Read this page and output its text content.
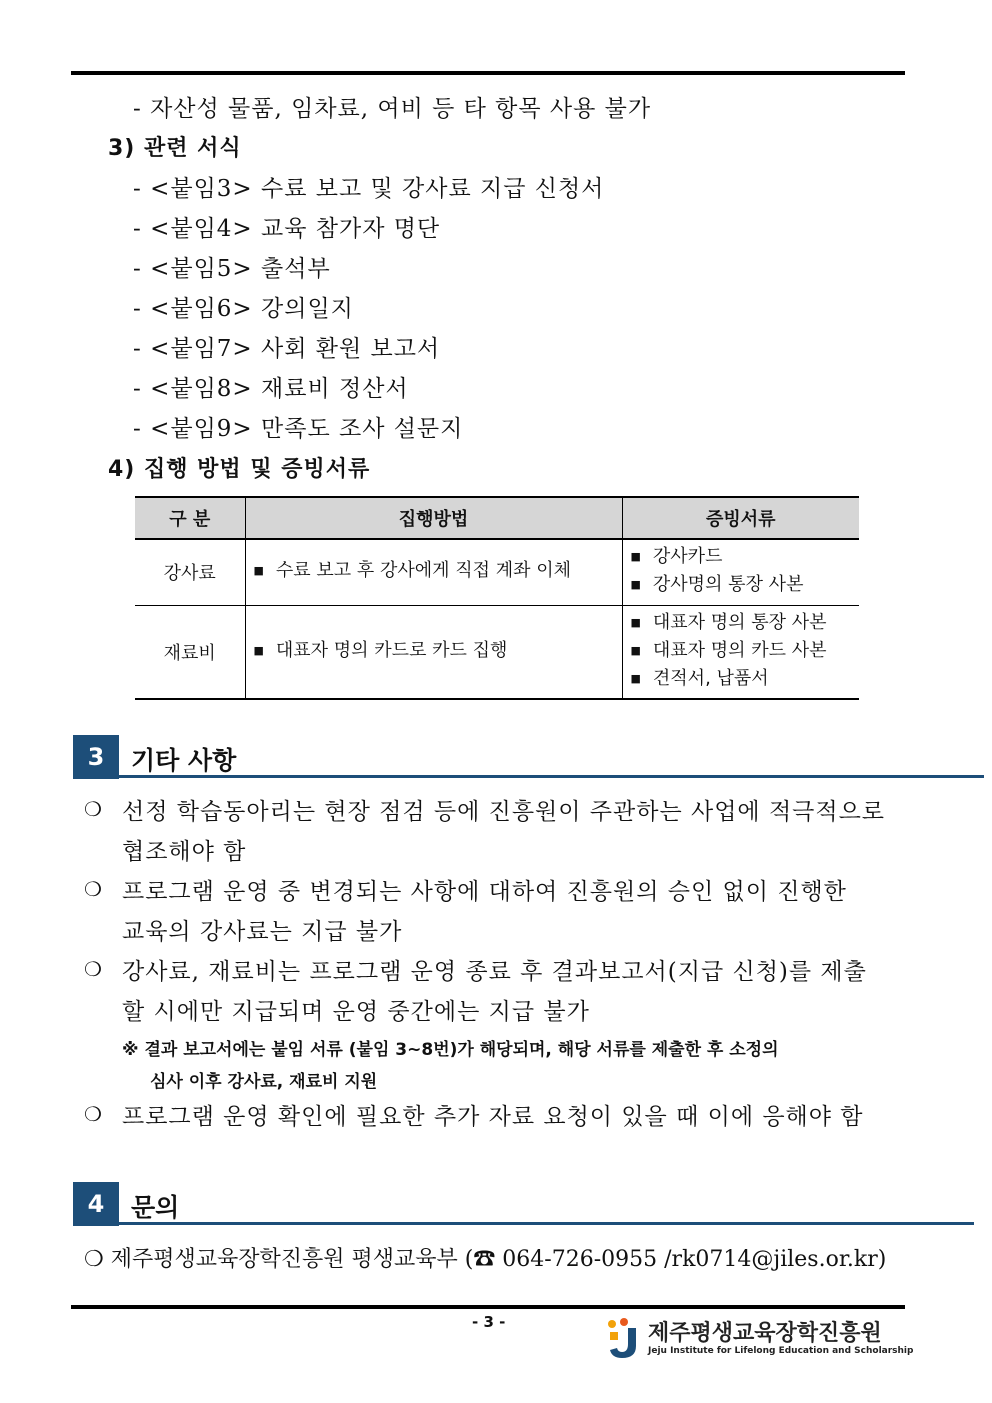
- 자산성 물품, 임차료, 여비 등 타 항목 사용 불가
3) 관련 서식
- <붙임3> 수료 보고 및 강사료 지급 신청서
- <붙임4> 교육 참가자 명단
- <붙임5> 출석부
- <붙임6> 강의일지
- <붙임7> 사회 환원 보고서
- <붙임8> 재료비 정산서
- <붙임9> 만족도 조사 설문지
4) 집행 방법 및 증빙서류
구 분	집행방법	증빙서류
강사료	■ 수료 보고 후 강사에게 직접 계좌 이체	■ 강사카드
■ 강사명의 통장 사본

재료비	■ 대표자 명의 카드로 카드 집행	■ 대표자 명의 통장 사본
■ 대표자 명의 카드 사본
■ 견적서, 납품서
3	기타 사항
❍ 선정 학습동아리는 현장 점검 등에 진흥원이 주관하는 사업에 적극적으로
협조해야 함
❍ 프로그램 운영 중 변경되는 사항에 대하여 진흥원의 승인 없이 진행한
교육의 강사료는 지급 불가
❍ 강사료, 재료비는 프로그램 운영 종료 후 결과보고서(지급 신청)를 제출
할 시에만 지급되며 운영 중간에는 지급 불가
※ 결과 보고서에는 붙임 서류 (붙임 3~8번)가 해당되며, 해당 서류를 제출한 후 소정의
심사 이후 강사료, 재료비 지원
❍ 프로그램 운영 확인에 필요한 추가 자료 요청이 있을 때 이에 응해야 함
4	문의
❍ 제주평생교육장학진흥원 평생교육부 (☎ 064-726-0955 /rk0714@jiles.or.kr)
- 3 -	제주평생교육장학진흥원
Jeju Institute for Lifelong Education and Scholarship
